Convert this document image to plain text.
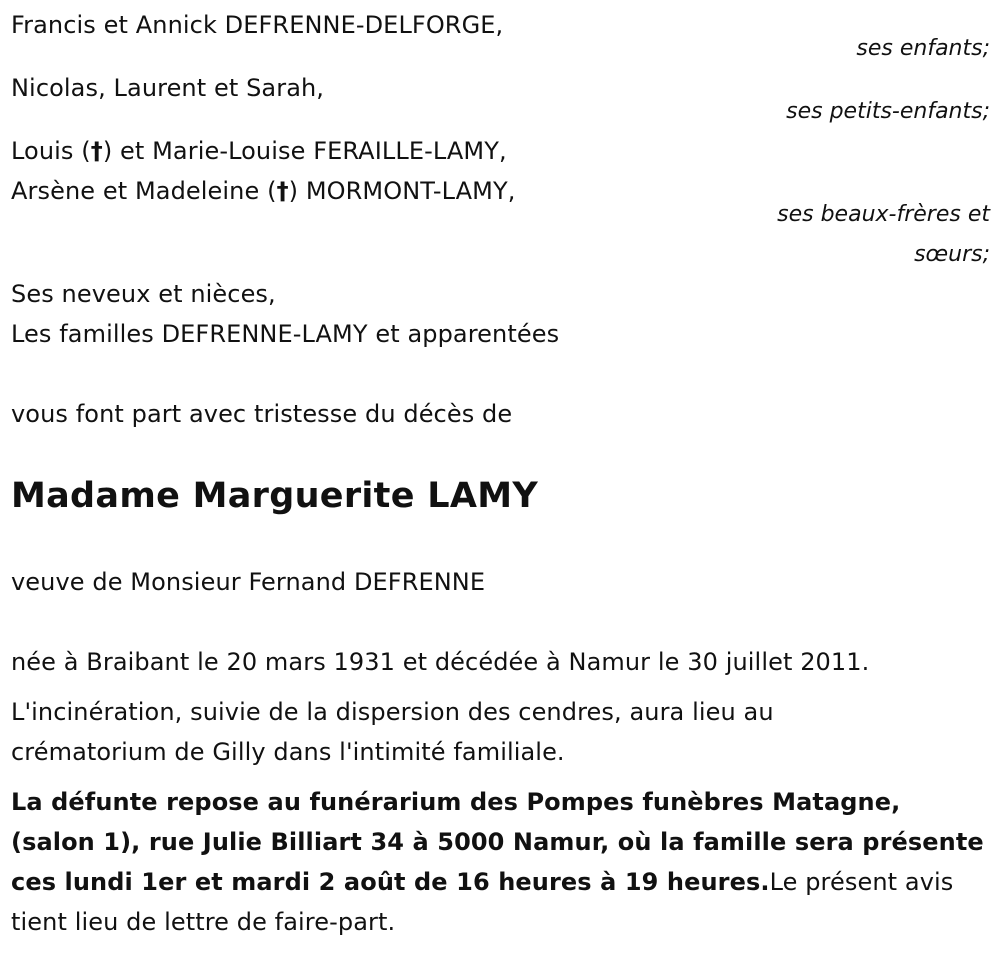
Francis et Annick DEFRENNE-DELFORGE,
ses enfants;
Nicolas, Laurent et Sarah,
ses petits-enfants;
Louis (†) et Marie-Louise FERAILLE-LAMY,
Arsène et Madeleine (†) MORMONT-LAMY,
ses beaux-frères et
sœurs;
Ses neveux et nièces,
Les familles DEFRENNE-LAMY et apparentées
vous font part avec tristesse du décès de
Madame Marguerite LAMY
veuve de Monsieur Fernand DEFRENNE
née à Braibant le 20 mars 1931 et décédée à Namur le 30 juillet 2011.
L'incinération, suivie de la dispersion des cendres, aura lieu au
crématorium de Gilly dans l'intimité familiale.
La défunte repose au funérarium des Pompes funèbres Matagne,
(salon 1), rue Julie Billiart 34 à 5000 Namur, où la famille sera présente
ces lundi 1er et mardi 2 août de 16 heures à 19 heures.Le présent avis
tient lieu de lettre de faire-part.
